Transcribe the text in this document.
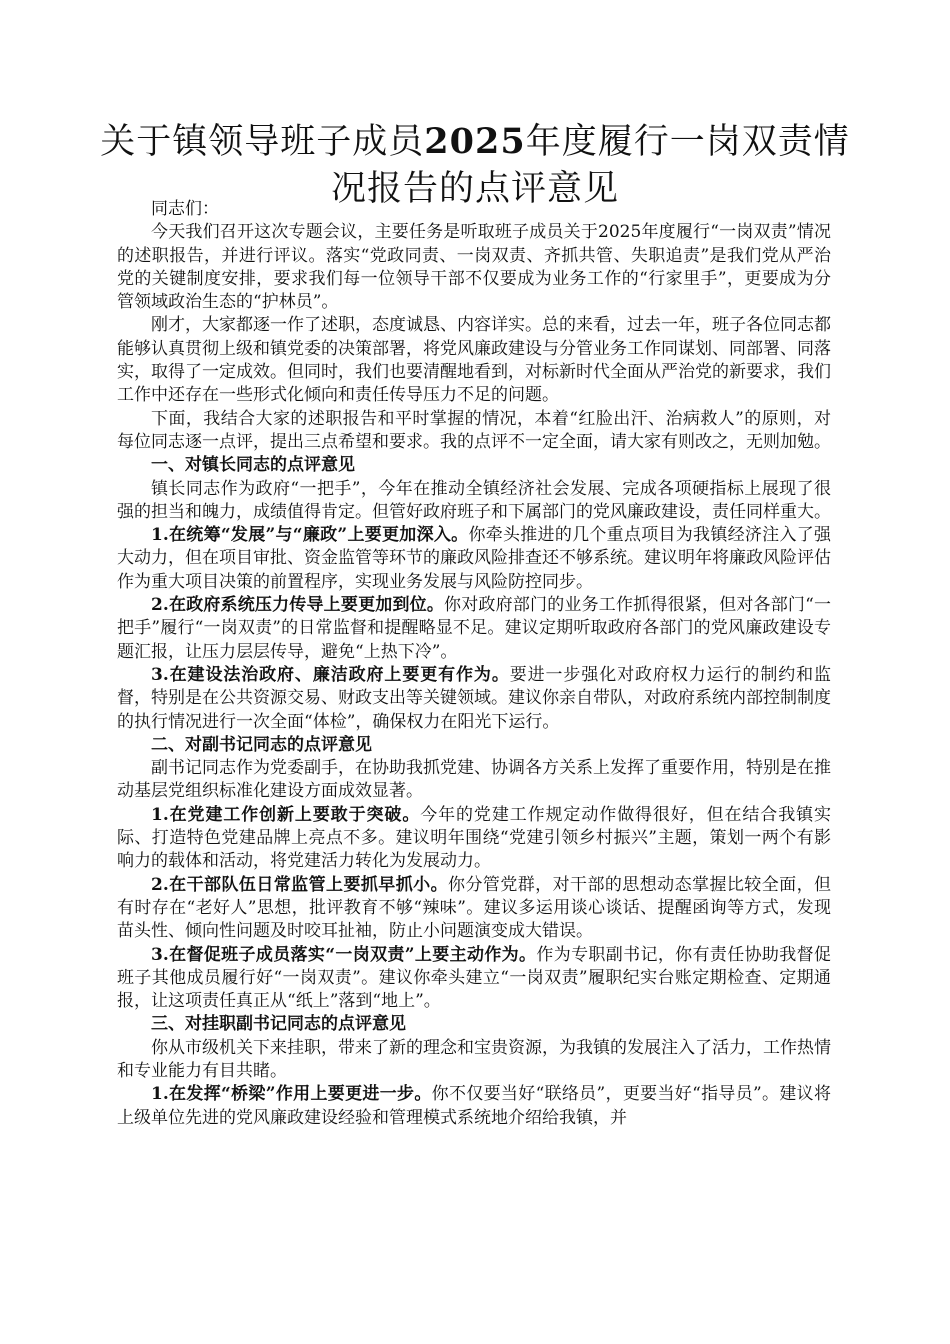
关于镇领导班子成员2025年度履行一岗双责情
况报告的点评意见

同志们：

今天我们召开这次专题会议，主要任务是听取班子成员关于2025年度履行“一岗双责”情况的述职报告，并进行评议。落实“党政同责、一岗双责、齐抓共管、失职追责”是我们党从严治党的关键制度安排，要求我们每一位领导干部不仅要成为业务工作的“行家里手”，更要成为分管领域政治生态的“护林员”。

刚才，大家都逐一作了述职，态度诚恳、内容详实。总的来看，过去一年，班子各位同志都能够认真贯彻上级和镇党委的决策部署，将党风廉政建设与分管业务工作同谋划、同部署、同落实，取得了一定成效。但同时，我们也要清醒地看到，对标新时代全面从严治党的新要求，我们工作中还存在一些形式化倾向和责任传导压力不足的问题。

下面，我结合大家的述职报告和平时掌握的情况，本着“红脸出汗、治病救人”的原则，对每位同志逐一点评，提出三点希望和要求。我的点评不一定全面，请大家有则改之，无则加勉。

一、对镇长同志的点评意见

镇长同志作为政府“一把手”，今年在推动全镇经济社会发展、完成各项硬指标上展现了很强的担当和魄力，成绩值得肯定。但管好政府班子和下属部门的党风廉政建设，责任同样重大。

1.在统筹“发展”与“廉政”上要更加深入。你牵头推进的几个重点项目为我镇经济注入了强大动力，但在项目审批、资金监管等环节的廉政风险排查还不够系统。建议明年将廉政风险评估作为重大项目决策的前置程序，实现业务发展与风险防控同步。

2.在政府系统压力传导上要更加到位。你对政府部门的业务工作抓得很紧，但对各部门“一把手”履行“一岗双责”的日常监督和提醒略显不足。建议定期听取政府各部门的党风廉政建设专题汇报，让压力层层传导，避免“上热下冷”。

3.在建设法治政府、廉洁政府上要更有作为。要进一步强化对政府权力运行的制约和监督，特别是在公共资源交易、财政支出等关键领域。建议你亲自带队，对政府系统内部控制制度的执行情况进行一次全面“体检”，确保权力在阳光下运行。

二、对副书记同志的点评意见

副书记同志作为党委副手，在协助我抓党建、协调各方关系上发挥了重要作用，特别是在推动基层党组织标准化建设方面成效显著。

1.在党建工作创新上要敢于突破。今年的党建工作规定动作做得很好，但在结合我镇实际、打造特色党建品牌上亮点不多。建议明年围绕“党建引领乡村振兴”主题，策划一两个有影响力的载体和活动，将党建活力转化为发展动力。

2.在干部队伍日常监管上要抓早抓小。你分管党群，对干部的思想动态掌握比较全面，但有时存在“老好人”思想，批评教育不够“辣味”。建议多运用谈心谈话、提醒函询等方式，发现苗头性、倾向性问题及时咬耳扯袖，防止小问题演变成大错误。

3.在督促班子成员落实“一岗双责”上要主动作为。作为专职副书记，你有责任协助我督促班子其他成员履行好“一岗双责”。建议你牵头建立“一岗双责”履职纪实台账定期检查、定期通报，让这项责任真正从“纸上”落到“地上”。

三、对挂职副书记同志的点评意见

你从市级机关下来挂职，带来了新的理念和宝贵资源，为我镇的发展注入了活力，工作热情和专业能力有目共睹。

1.在发挥“桥梁”作用上要更进一步。你不仅要当好“联络员”，更要当好“指导员”。建议将上级单位先进的党风廉政建设经验和管理模式系统地介绍给我镇，并
